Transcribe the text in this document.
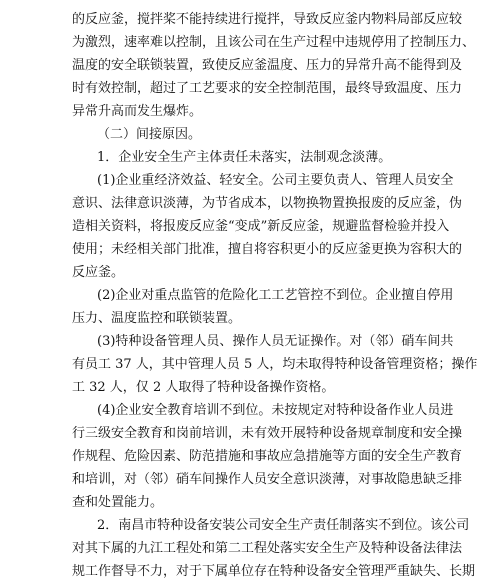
的反应釜，搅拌桨不能持续进行搅拌，导致反应釜内物料局部反应较
为激烈，速率难以控制，且该公司在生产过程中违规停用了控制压力、
温度的安全联锁装置，致使反应釜温度、压力的异常升高不能得到及
时有效控制，超过了工艺要求的安全控制范围，最终导致温度、压力
异常升高而发生爆炸。
（二）间接原因。
1．企业安全生产主体责任未落实，法制观念淡薄。
(1)企业重经济效益、轻安全。公司主要负责人、管理人员安全
意识、法律意识淡薄，为节省成本，以物换物置换报废的反应釜，伪
造相关资料，将报废反应釜“变成”新反应釜，规避监督检验并投入
使用；未经相关部门批准，擅自将容积更小的反应釜更换为容积大的
反应釜。
(2)企业对重点监管的危险化工工艺管控不到位。企业擅自停用
压力、温度监控和联锁装置。
(3)特种设备管理人员、操作人员无证操作。对（邻）硝车间共
有员工 37 人，其中管理人员 5 人，均未取得特种设备管理资格；操作
工 32 人，仅 2 人取得了特种设备操作资格。
(4)企业安全教育培训不到位。未按规定对特种设备作业人员进
行三级安全教育和岗前培训，未有效开展特种设备规章制度和安全操
作规程、危险因素、防范措施和事故应急措施等方面的安全生产教育
和培训，对（邻）硝车间操作人员安全意识淡薄，对事故隐患缺乏排
查和处置能力。
2．南昌市特种设备安装公司安全生产责任制落实不到位。该公司
对其下属的九江工程处和第二工程处落实安全生产及特种设备法律法
规工作督导不力，对于下属单位存在特种设备安全管理严重缺失、长期
